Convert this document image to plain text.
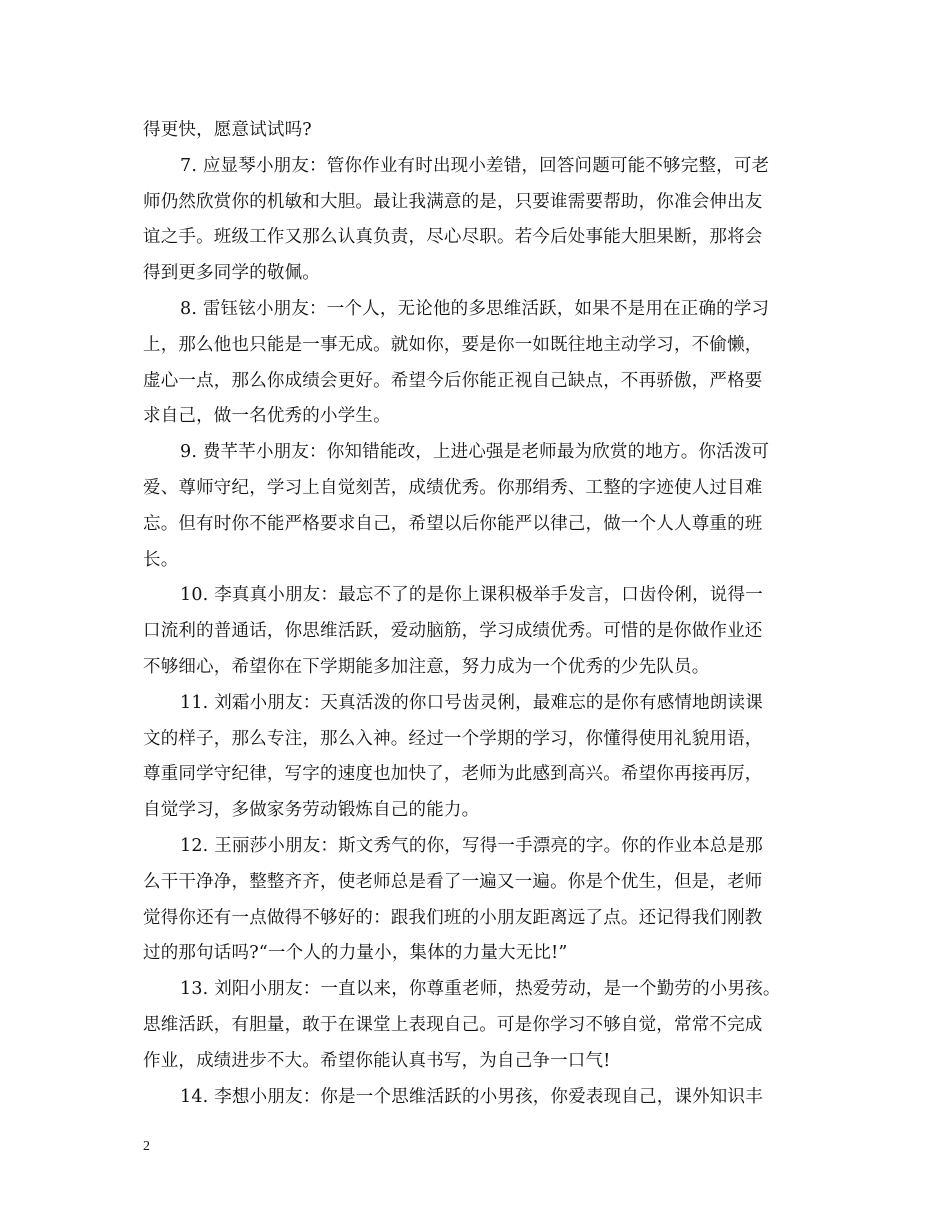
得更快，愿意试试吗?
7. 应显琴小朋友：管你作业有时出现小差错，回答问题可能不够完整，可老
师仍然欣赏你的机敏和大胆。最让我满意的是，只要谁需要帮助，你准会伸出友
谊之手。班级工作又那么认真负责，尽心尽职。若今后处事能大胆果断，那将会
得到更多同学的敬佩。
8. 雷钰铉小朋友：一个人，无论他的多思维活跃，如果不是用在正确的学习
上，那么他也只能是一事无成。就如你，要是你一如既往地主动学习，不偷懒，
虚心一点，那么你成绩会更好。希望今后你能正视自己缺点，不再骄傲，严格要
求自己，做一名优秀的小学生。
9. 费芊芊小朋友：你知错能改，上进心强是老师最为欣赏的地方。你活泼可
爱、尊师守纪，学习上自觉刻苦，成绩优秀。你那绢秀、工整的字迹使人过目难
忘。但有时你不能严格要求自己，希望以后你能严以律己，做一个人人尊重的班
长。
10. 李真真小朋友：最忘不了的是你上课积极举手发言，口齿伶俐，说得一
口流利的普通话，你思维活跃，爱动脑筋，学习成绩优秀。可惜的是你做作业还
不够细心，希望你在下学期能多加注意，努力成为一个优秀的少先队员。
11. 刘霜小朋友：天真活泼的你口号齿灵俐，最难忘的是你有感情地朗读课
文的样子，那么专注，那么入神。经过一个学期的学习，你懂得使用礼貌用语，
尊重同学守纪律，写字的速度也加快了，老师为此感到高兴。希望你再接再厉，
自觉学习，多做家务劳动锻炼自己的能力。
12. 王丽莎小朋友：斯文秀气的你，写得一手漂亮的字。你的作业本总是那
么干干净净，整整齐齐，使老师总是看了一遍又一遍。你是个优生，但是，老师
觉得你还有一点做得不够好的：跟我们班的小朋友距离远了点。还记得我们刚教
过的那句话吗?“一个人的力量小，集体的力量大无比!”
13. 刘阳小朋友：一直以来，你尊重老师，热爱劳动，是一个勤劳的小男孩。
思维活跃，有胆量，敢于在课堂上表现自己。可是你学习不够自觉，常常不完成
作业，成绩进步不大。希望你能认真书写，为自己争一口气!
14. 李想小朋友：你是一个思维活跃的小男孩，你爱表现自己，课外知识丰
2
